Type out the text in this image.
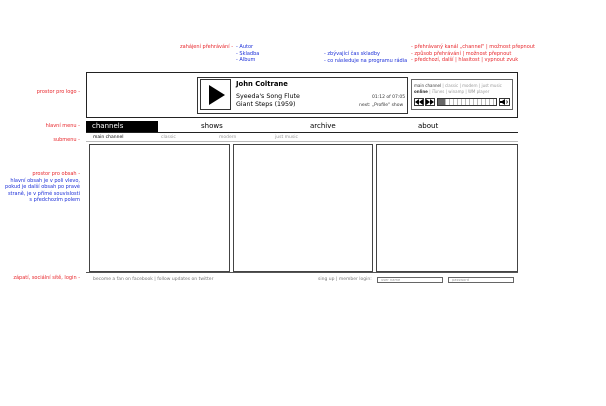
prostor pro logo -
hlavní menu -
submenu -
prostor pro obsah -
hlavní obsah je v poli vlevo,
pokud je další obsah po pravé
straně, je v přímé souvislosti
s předchozím polem
zápatí, sociální sítě, login -
zahájení přehrávání - - Autor
- Skladba
- Album
- zbývající čas skladby
- co následuje na programu rádia
- přehrávaný kanál „channel" | možnost přepnout
- způsob přehrávání | možnost přepnout
- předchozí, další | hlasitost | vypnout zvuk
John Coltrane
Syeeda's Song Flute
Giant Steps (1959)
01:12 of 07:05
next: „Profile" show
main channel | classic | modern | just music
online | iTunes | winamp | WM player
channels	shows	archive	about
main channel	classic	modern	just music
become a fan on facebook | follow updates on twitter	sing up | member login:	user name	password
